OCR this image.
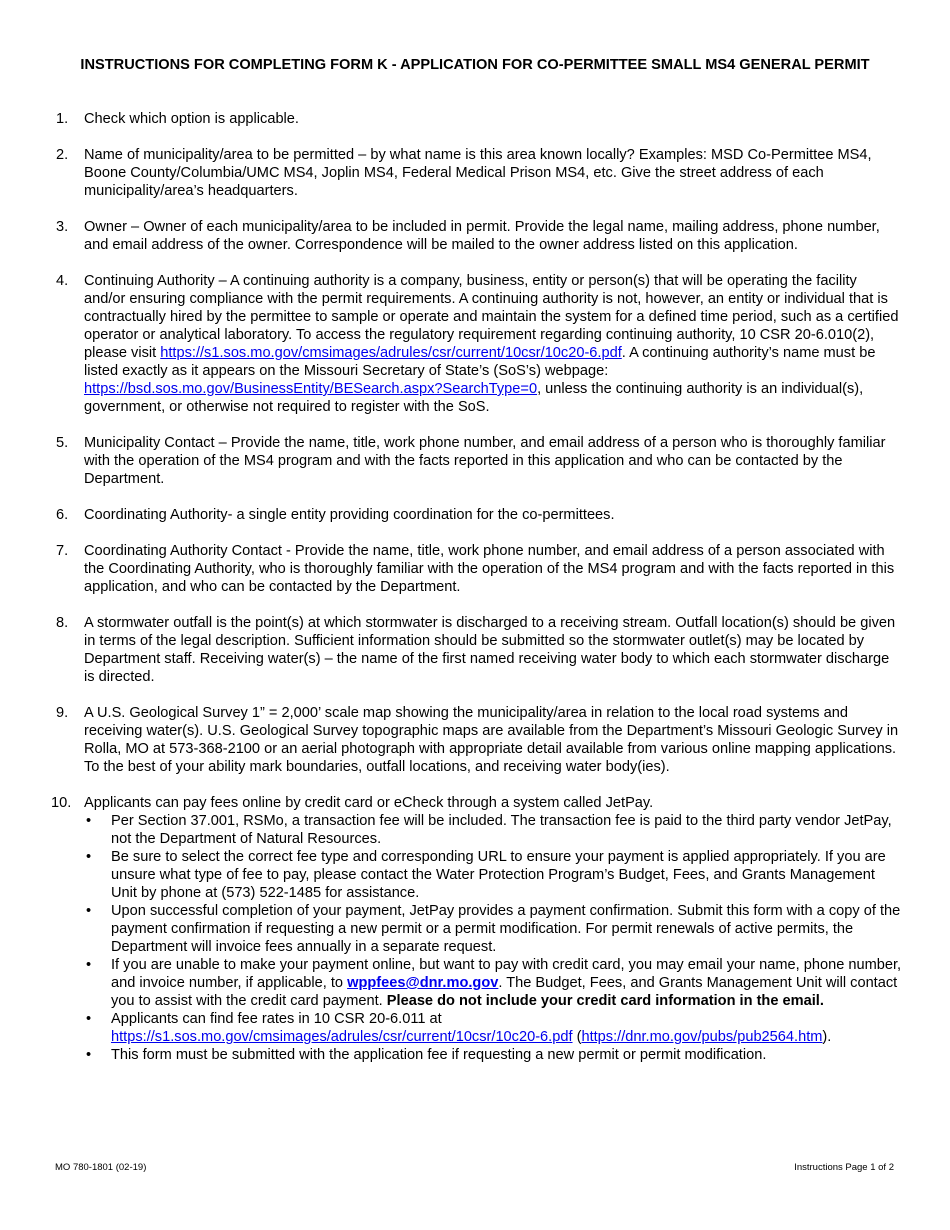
INSTRUCTIONS FOR COMPLETING FORM K - APPLICATION FOR CO-PERMITTEE SMALL MS4 GENERAL PERMIT
1.	Check which option is applicable.
2.	Name of municipality/area to be permitted – by what name is this area known locally? Examples: MSD Co-Permittee MS4, Boone County/Columbia/UMC MS4, Joplin MS4, Federal Medical Prison MS4, etc. Give the street address of each municipality/area’s headquarters.
3.	Owner – Owner of each municipality/area to be included in permit. Provide the legal name, mailing address, phone number, and email address of the owner. Correspondence will be mailed to the owner address listed on this application.
4.	Continuing Authority – A continuing authority is a company, business, entity or person(s) that will be operating the facility and/or ensuring compliance with the permit requirements. A continuing authority is not, however, an entity or individual that is contractually hired by the permittee to sample or operate and maintain the system for a defined time period, such as a certified operator or analytical laboratory. To access the regulatory requirement regarding continuing authority, 10 CSR 20-6.010(2), please visit https://s1.sos.mo.gov/cmsimages/adrules/csr/current/10csr/10c20-6.pdf. A continuing authority’s name must be listed exactly as it appears on the Missouri Secretary of State’s (SoS’s) webpage: https://bsd.sos.mo.gov/BusinessEntity/BESearch.aspx?SearchType=0, unless the continuing authority is an individual(s), government, or otherwise not required to register with the SoS.
5.	Municipality Contact – Provide the name, title, work phone number, and email address of a person who is thoroughly familiar with the operation of the MS4 program and with the facts reported in this application and who can be contacted by the Department.
6.	Coordinating Authority- a single entity providing coordination for the co-permittees.
7.	Coordinating Authority Contact - Provide the name, title, work phone number, and email address of a person associated with the Coordinating Authority, who is thoroughly familiar with the operation of the MS4 program and with the facts reported in this application, and who can be contacted by the Department.
8.	A stormwater outfall is the point(s) at which stormwater is discharged to a receiving stream. Outfall location(s) should be given in terms of the legal description. Sufficient information should be submitted so the stormwater outlet(s) may be located by Department staff. Receiving water(s) – the name of the first named receiving water body to which each stormwater discharge is directed.
9.	A U.S. Geological Survey 1” = 2,000’ scale map showing the municipality/area in relation to the local road systems and receiving water(s). U.S. Geological Survey topographic maps are available from the Department’s Missouri Geologic Survey in Rolla, MO at 573-368-2100 or an aerial photograph with appropriate detail available from various online mapping applications. To the best of your ability mark boundaries, outfall locations, and receiving water body(ies).
10. Applicants can pay fees online by credit card or eCheck through a system called JetPay.
• Per Section 37.001, RSMo, a transaction fee will be included. The transaction fee is paid to the third party vendor JetPay, not the Department of Natural Resources.
• Be sure to select the correct fee type and corresponding URL to ensure your payment is applied appropriately. If you are unsure what type of fee to pay, please contact the Water Protection Program’s Budget, Fees, and Grants Management Unit by phone at (573) 522-1485 for assistance.
• Upon successful completion of your payment, JetPay provides a payment confirmation. Submit this form with a copy of the payment confirmation if requesting a new permit or a permit modification. For permit renewals of active permits, the Department will invoice fees annually in a separate request.
• If you are unable to make your payment online, but want to pay with credit card, you may email your name, phone number, and invoice number, if applicable, to wppfees@dnr.mo.gov. The Budget, Fees, and Grants Management Unit will contact you to assist with the credit card payment. Please do not include your credit card information in the email.
• Applicants can find fee rates in 10 CSR 20-6.011 at
https://s1.sos.mo.gov/cmsimages/adrules/csr/current/10csr/10c20-6.pdf (https://dnr.mo.gov/pubs/pub2564.htm).
• This form must be submitted with the application fee if requesting a new permit or permit modification.
MO 780-1801 (02-19)	Instructions Page 1 of 2
